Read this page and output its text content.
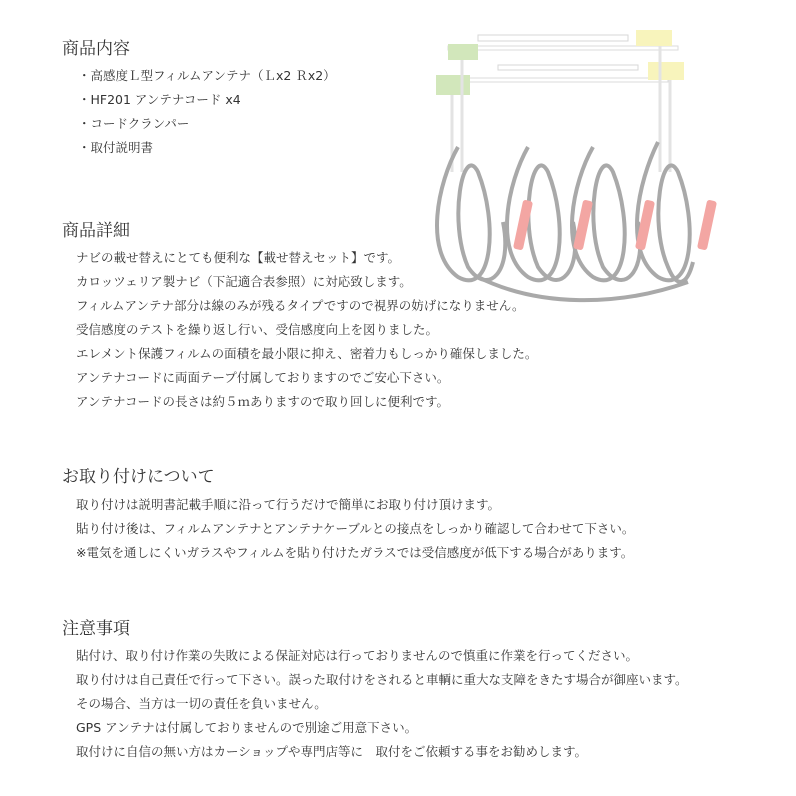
商品内容

・高感度Ｌ型フィルムアンテナ（Ｌx2 Ｒx2）

・HF201 アンテナコード x4

・コードクランパー

・取付説明書

商品詳細

ナビの載せ替えにとても便利な【載せ替えセット】です。

カロッツェリア製ナビ（下記適合表参照）に対応致します。

フィルムアンテナ部分は線のみが残るタイプですので視界の妨げになりません。

受信感度のテストを繰り返し行い、受信感度向上を図りました。

エレメント保護フィルムの面積を最小限に抑え、密着力もしっかり確保しました。

アンテナコードに両面テープ付属しておりますのでご安心下さい。

アンテナコードの長さは約５ｍありますので取り回しに便利です。

お取り付けについて

取り付けは説明書記載手順に沿って行うだけで簡単にお取り付け頂けます。

貼り付け後は、フィルムアンテナとアンテナケーブルとの接点をしっかり確認して合わせて下さい。

※電気を通しにくいガラスやフィルムを貼り付けたガラスでは受信感度が低下する場合があります。

注意事項

貼付け、取り付け作業の失敗による保証対応は行っておりませんので慎重に作業を行ってください。

取り付けは自己責任で行って下さい。誤った取付けをされると車輌に重大な支障をきたす場合が御座います。

その場合、当方は一切の責任を負いません。

GPS アンテナは付属しておりませんので別途ご用意下さい。

取付けに自信の無い方はカーショップや専門店等に　取付をご依頼する事をお勧めします。
